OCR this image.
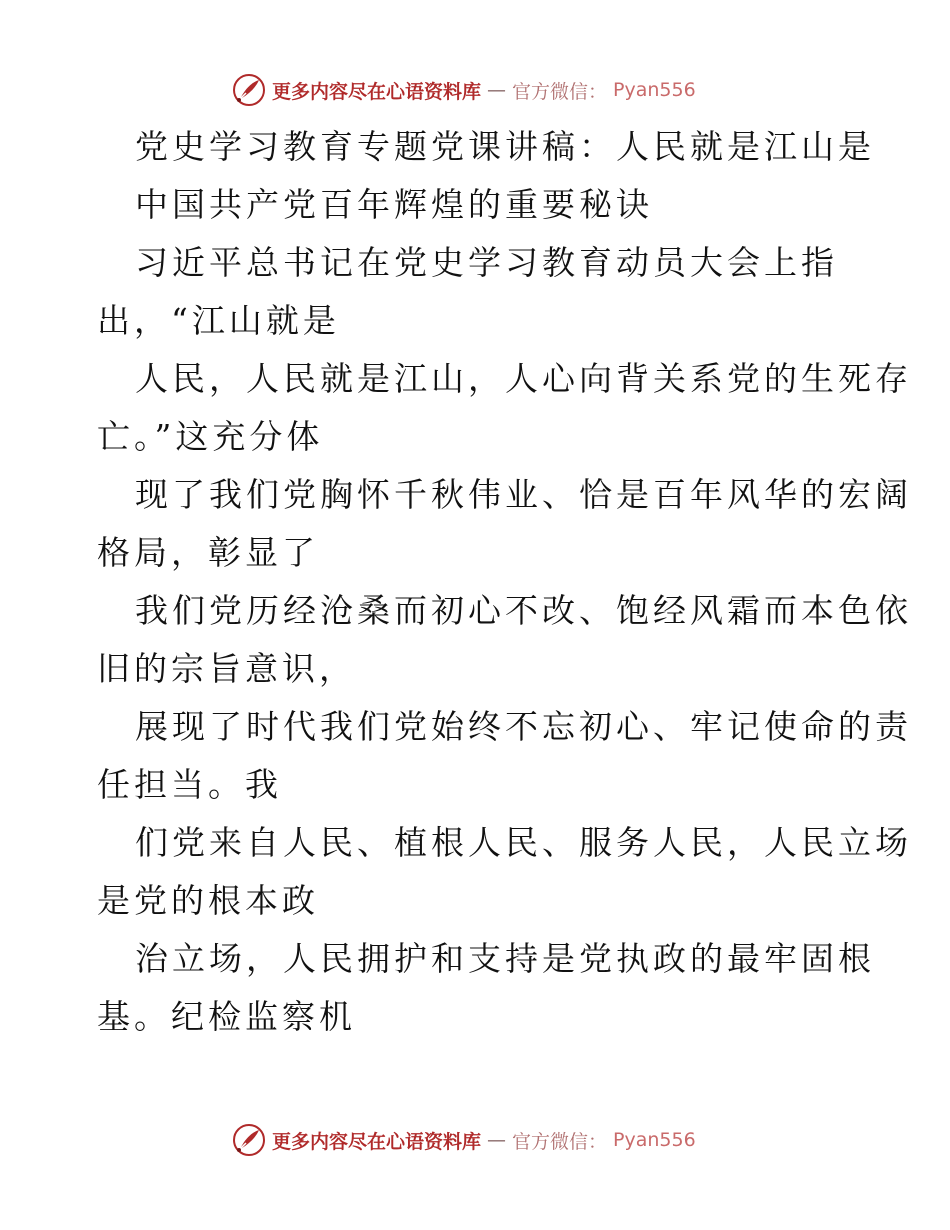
更多内容尽在心语资料库 — 官方微信： Pyan556

党史学习教育专题党课讲稿：人民就是江山是

中国共产党百年辉煌的重要秘诀

习近平总书记在党史学习教育动员大会上指

出，“江山就是

人民，人民就是江山，人心向背关系党的生死存

亡。”这充分体

现了我们党胸怀千秋伟业、恰是百年风华的宏阔

格局，彰显了

我们党历经沧桑而初心不改、饱经风霜而本色依

旧的宗旨意识，

展现了时代我们党始终不忘初心、牢记使命的责

任担当。我

们党来自人民、植根人民、服务人民，人民立场

是党的根本政

治立场，人民拥护和支持是党执政的最牢固根

基。纪检监察机

更多内容尽在心语资料库 — 官方微信： Pyan556
